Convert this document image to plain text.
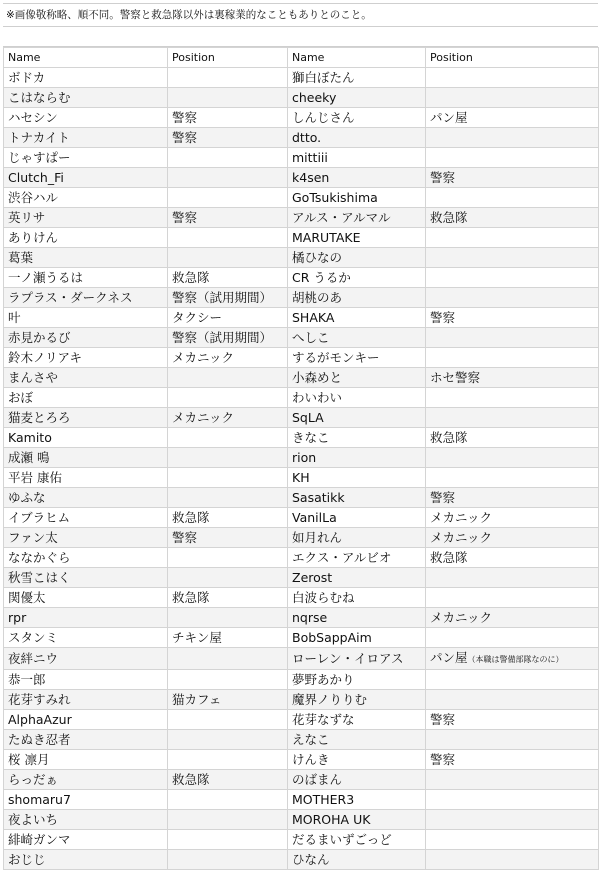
※画像敬称略、順不同。警察と救急隊以外は裏稼業的なこともありとのこと。
Name	Position	Name	Position
ボドカ		獅白ぼたん	
こはならむ		cheeky	
ハセシン	警察	しんじさん	パン屋
トナカイト	警察	dtto.	
じゃすぱー		mittiii	
Clutch_Fi		k4sen	警察
渋谷ハル		GoTsukishima	
英リサ	警察	アルス・アルマル	救急隊
ありけん		MARUTAKE	
葛葉		橘ひなの	
一ノ瀬うるは	救急隊	CR うるか	
ラプラス・ダークネス	警察（試用期間）	胡桃のあ	
叶	タクシー	SHAKA	警察
赤見かるび	警察（試用期間）	へしこ	
鈴木ノリアキ	メカニック	するがモンキー	
まんさや		小森めと	ホセ警察
おぼ		わいわい	
猫麦とろろ	メカニック	SqLA	
Kamito		きなこ	救急隊
成瀬 鳴		rion	
平岩 康佑		KH	
ゆふな		Sasatikk	警察
イブラヒム	救急隊	VanilLa	メカニック
ファン太	警察	如月れん	メカニック
ななかぐら		エクス・アルビオ	救急隊
秋雪こはく		Zerost	
関優太	救急隊	白波らむね	
rpr		nqrse	メカニック
スタンミ	チキン屋	BobSappAim	
夜絆ニウ		ローレン・イロアス	パン屋（本職は警備部隊なのに）
恭一郎		夢野あかり	
花芽すみれ	猫カフェ	魔界ノりりむ	
AlphaAzur		花芽なずな	警察
たぬき忍者		えなこ	
桜 凛月		けんき	警察
らっだぁ	救急隊	のばまん	
shomaru7		MOTHER3	
夜よいち		MOROHA UK	
緋崎ガンマ		だるまいずごっど	
おじじ		ひなん	
